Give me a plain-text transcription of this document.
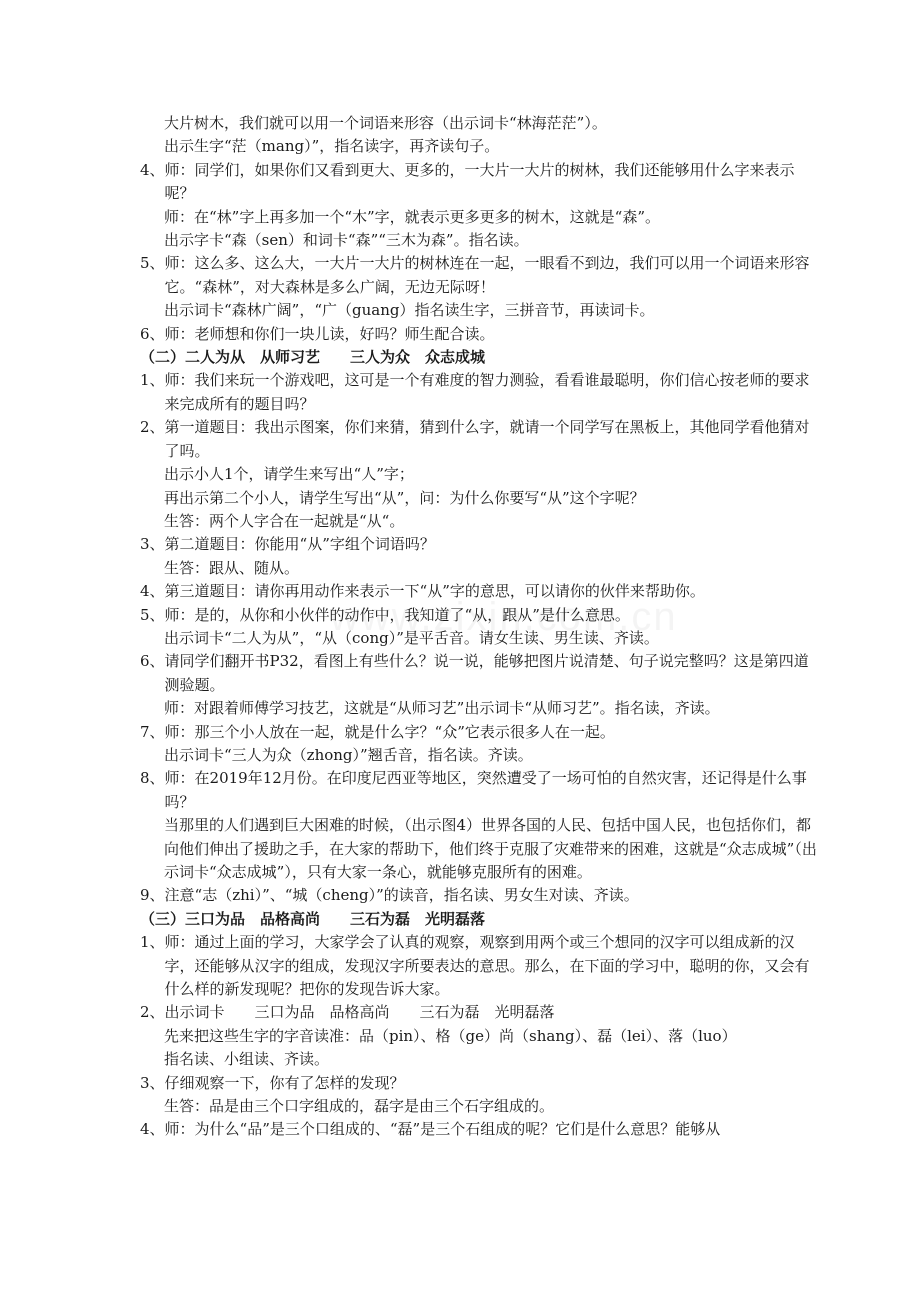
大片树木，我们就可以用一个词语来形容（出示词卡“林海茫茫”）。
出示生字“茫（mang）”，指名读字，再齐读句子。
4、 师：同学们，如果你们又看到更大、更多的，一大片一大片的树林，我们还能够用什么字来表示呢？
师：在“林”字上再多加一个“木”字，就表示更多更多的树木，这就是“森”。
出示字卡“森（sen）和词卡“森”“三木为森”。指名读。
5、 师：这么多、这么大，一大片一大片的树林连在一起，一眼看不到边，我们可以用一个词语来形容它。“森林”，对大森林是多么广阔，无边无际呀！
出示词卡“森林广阔”，“广（guang）指名读生字，三拼音节，再读词卡。
6、 师：老师想和你们一块儿读，好吗？师生配合读。
（二）二人为从　从师习艺　　三人为众　众志成城
1、 师：我们来玩一个游戏吧，这可是一个有难度的智力测验，看看谁最聪明，你们信心按老师的要求来完成所有的题目吗？
2、 第一道题目：我出示图案，你们来猜，猜到什么字，就请一个同学写在黑板上，其他同学看他猜对了吗。
出示小人1个，请学生来写出“人”字；
再出示第二个小人，请学生写出“从”，问：为什么你要写“从”这个字呢？
生答：两个人字合在一起就是“从“。
3、 第二道题目：你能用“从”字组个词语吗？
生答：跟从、随从。
4、 第三道题目：请你再用动作来表示一下“从”字的意思，可以请你的伙伴来帮助你。
5、 师：是的，从你和小伙伴的动作中，我知道了“从，跟从”是什么意思。
出示词卡“二人为从”，“从（cong）”是平舌音。请女生读、男生读、齐读。
6、 请同学们翻开书P32，看图上有些什么？说一说，能够把图片说清楚、句子说完整吗？这是第四道测验题。
师：对跟着师傅学习技艺，这就是“从师习艺”出示词卡“从师习艺”。指名读，齐读。
7、 师：那三个小人放在一起，就是什么字？“众”它表示很多人在一起。
出示词卡“三人为众（zhong）”翘舌音，指名读。齐读。
8、 师：在2019年12月份。在印度尼西亚等地区，突然遭受了一场可怕的自然灾害，还记得是什么事吗？
当那里的人们遇到巨大困难的时候，（出示图4）世界各国的人民、包括中国人民，也包括你们，都向他们伸出了援助之手，在大家的帮助下，他们终于克服了灾难带来的困难，这就是“众志成城”（出示词卡“众志成城”），只有大家一条心，就能够克服所有的困难。
9、 注意“志（zhi）”、“城（cheng）”的读音，指名读、男女生对读、齐读。
（三）三口为品　品格高尚　　三石为磊　光明磊落
1、 师：通过上面的学习，大家学会了认真的观察，观察到用两个或三个想同的汉字可以组成新的汉字，还能够从汉字的组成，发现汉字所要表达的意思。那么，在下面的学习中，聪明的你，又会有什么样的新发现呢？把你的发现告诉大家。
2、 出示词卡　　三口为品　品格高尚　　三石为磊　光明磊落
先来把这些生字的字音读准：品（pin）、格（ge）尚（shang）、磊（lei）、落（luo）
指名读、小组读、齐读。
3、 仔细观察一下，你有了怎样的发现？
生答：品是由三个口字组成的，磊字是由三个石字组成的。
4、 师：为什么“品”是三个口组成的、“磊”是三个石组成的呢？它们是什么意思？能够从
